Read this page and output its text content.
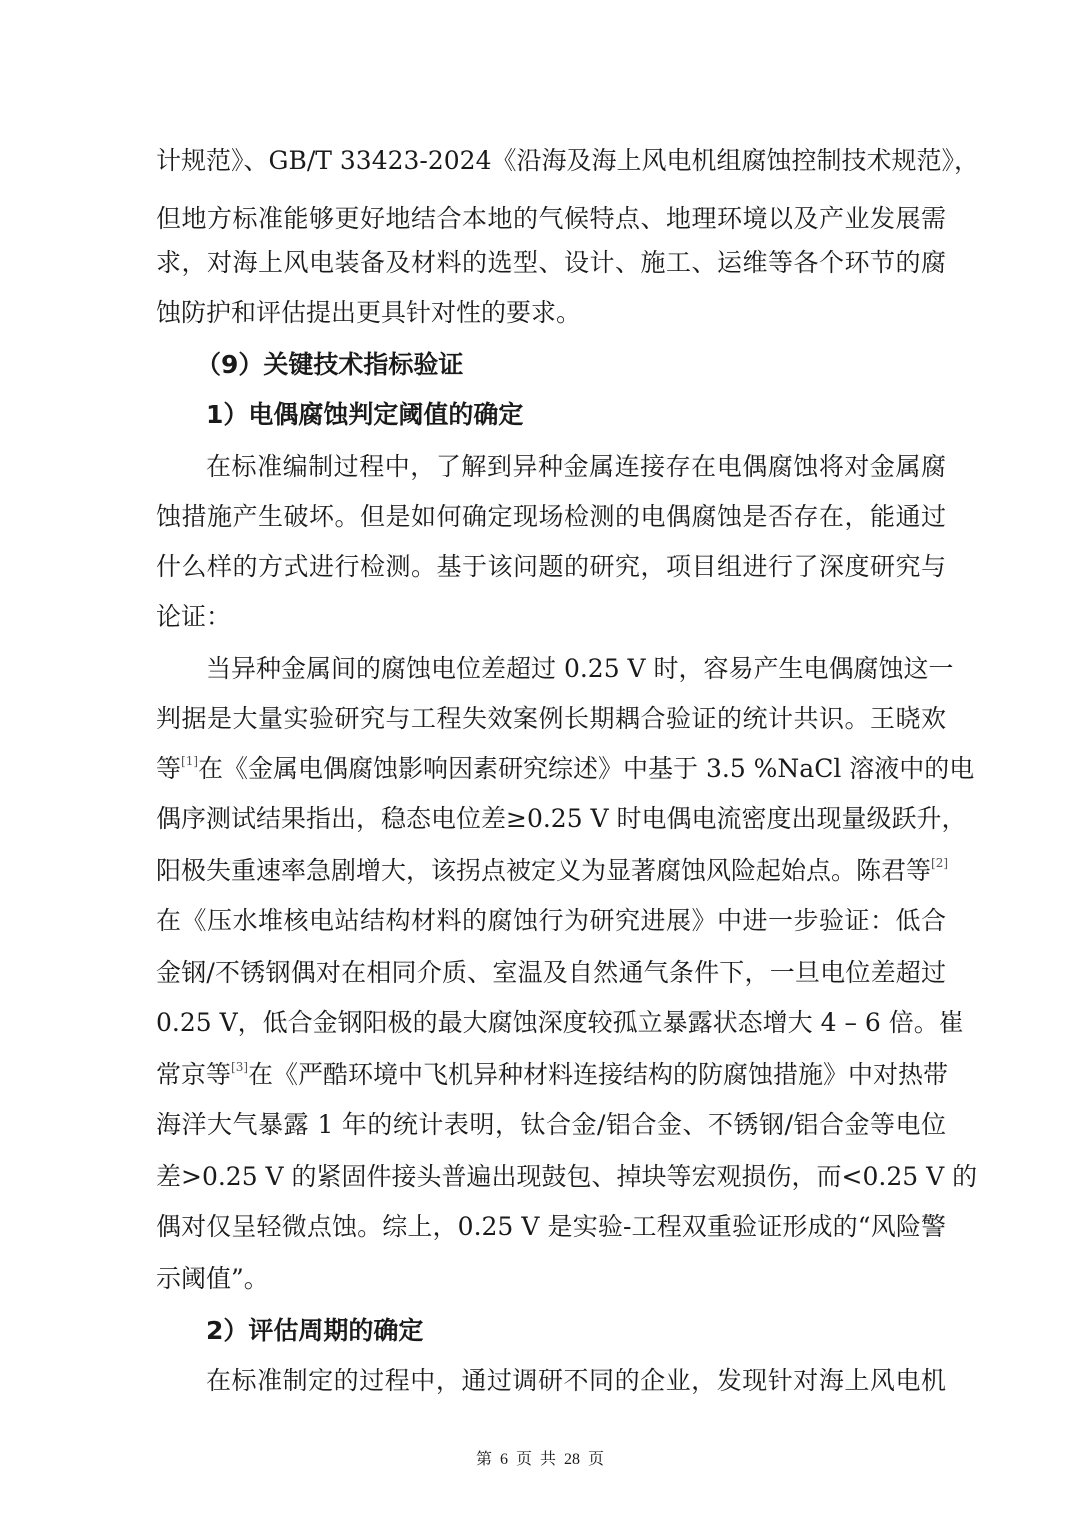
计规范》、GB/T 33423-2024《沿海及海上风电机组腐蚀控制技术规范》，
但地方标准能够更好地结合本地的气候特点、地理环境以及产业发展需
求，对海上风电装备及材料的选型、设计、施工、运维等各个环节的腐
蚀防护和评估提出更具针对性的要求。
（9）关键技术指标验证
1）电偶腐蚀判定阈值的确定
在标准编制过程中，了解到异种金属连接存在电偶腐蚀将对金属腐
蚀措施产生破坏。但是如何确定现场检测的电偶腐蚀是否存在，能通过
什么样的方式进行检测。基于该问题的研究，项目组进行了深度研究与
论证：
当异种金属间的腐蚀电位差超过 0.25 V 时，容易产生电偶腐蚀这一
判据是大量实验研究与工程失效案例长期耦合验证的统计共识。王晓欢
等[1]在《金属电偶腐蚀影响因素研究综述》中基于 3.5 %NaCl 溶液中的电
偶序测试结果指出，稳态电位差≥0.25 V 时电偶电流密度出现量级跃升，
阳极失重速率急剧增大，该拐点被定义为显著腐蚀风险起始点。陈君等[2]
在《压水堆核电站结构材料的腐蚀行为研究进展》中进一步验证：低合
金钢/不锈钢偶对在相同介质、室温及自然通气条件下，一旦电位差超过
0.25 V，低合金钢阳极的最大腐蚀深度较孤立暴露状态增大 4 – 6 倍。崔
常京等[3]在《严酷环境中飞机异种材料连接结构的防腐蚀措施》中对热带
海洋大气暴露 1 年的统计表明，钛合金/铝合金、不锈钢/铝合金等电位
差>0.25 V 的紧固件接头普遍出现鼓包、掉块等宏观损伤，而<0.25 V 的
偶对仅呈轻微点蚀。综上，0.25 V 是实验-工程双重验证形成的“风险警
示阈值”。
2）评估周期的确定
在标准制定的过程中，通过调研不同的企业，发现针对海上风电机
第 6 页 共 28 页
